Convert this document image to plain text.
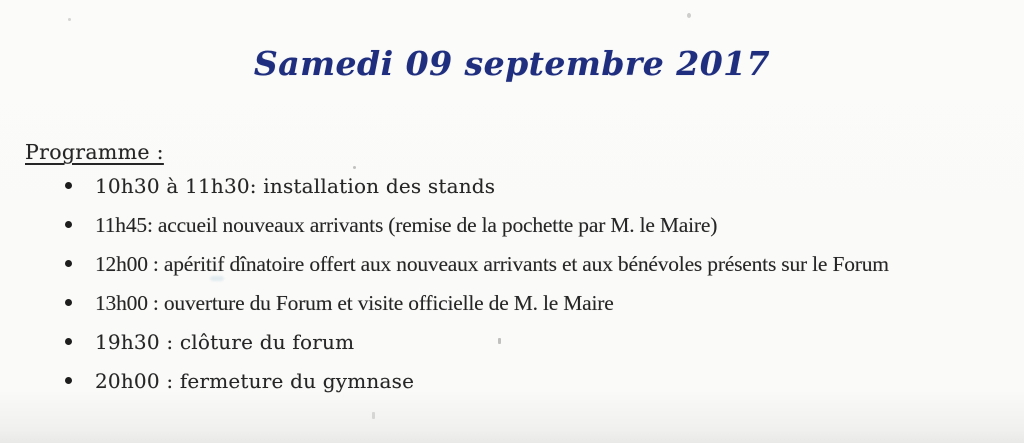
Samedi 09 septembre 2017
Programme :
10h30 à 11h30: installation des stands
11h45: accueil nouveaux arrivants (remise de la pochette par M. le Maire)
12h00 : apéritif dînatoire offert aux nouveaux arrivants et aux bénévoles présents sur le Forum
13h00 : ouverture du Forum et visite officielle de M. le Maire
19h30 : clôture du forum
20h00 : fermeture du gymnase
